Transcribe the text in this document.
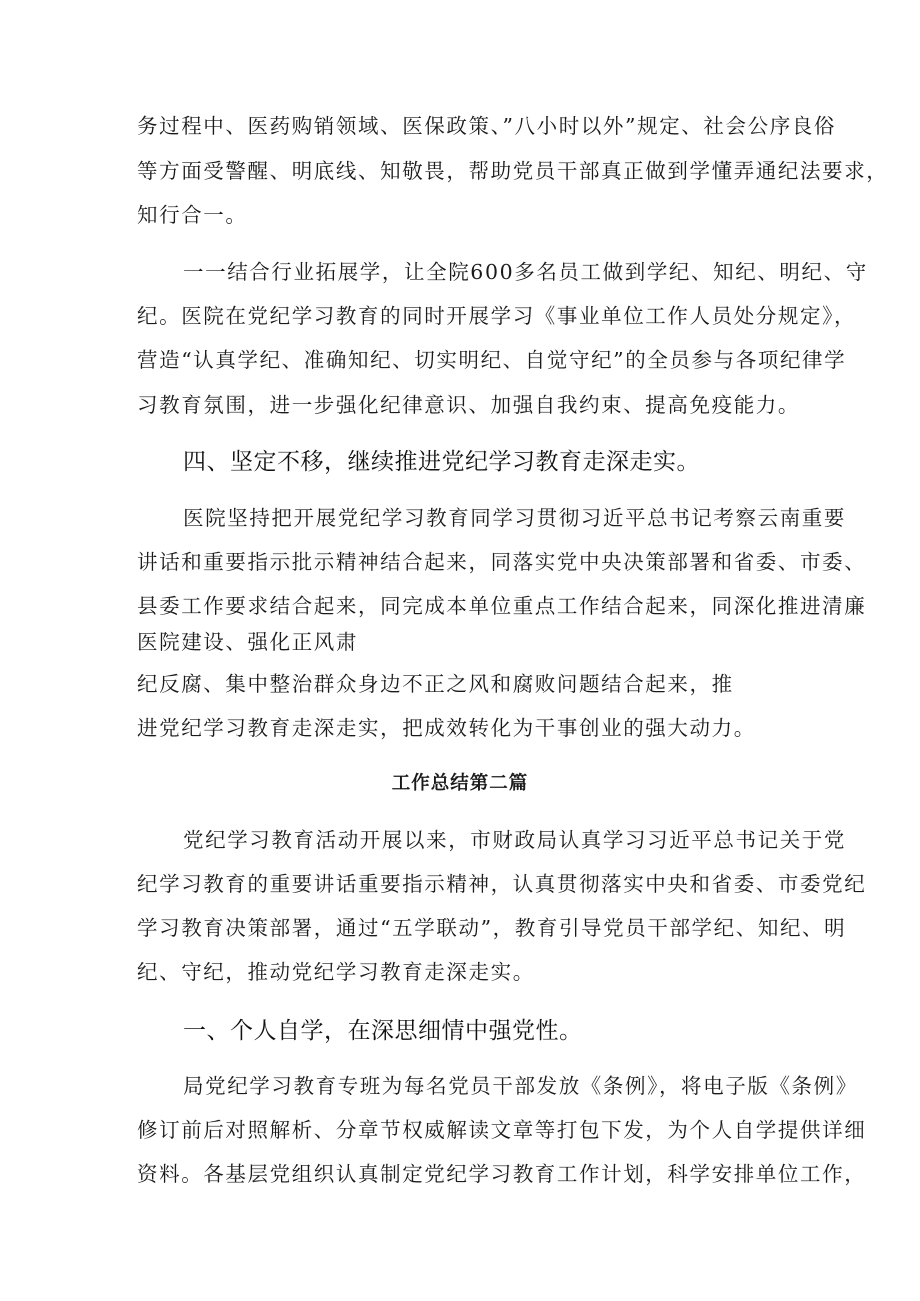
务过程中、医药购销领域、医保政策、”八小时以外”规定、社会公序良俗
等方面受警醒、明底线、知敬畏，帮助党员干部真正做到学懂弄通纪法要求，
知行合一。
一一结合行业拓展学，让全院600多名员工做到学纪、知纪、明纪、守
纪。医院在党纪学习教育的同时开展学习《事业单位工作人员处分规定》，
营造“认真学纪、准确知纪、切实明纪、自觉守纪”的全员参与各项纪律学
习教育氛围，进一步强化纪律意识、加强自我约束、提高免疫能力。
四、坚定不移，继续推进党纪学习教育走深走实。
医院坚持把开展党纪学习教育同学习贯彻习近平总书记考察云南重要
讲话和重要指示批示精神结合起来，同落实党中央决策部署和省委、市委、
县委工作要求结合起来，同完成本单位重点工作结合起来，同深化推进清廉
医院建设、强化正风肃
纪反腐、集中整治群众身边不正之风和腐败问题结合起来，推
进党纪学习教育走深走实，把成效转化为干事创业的强大动力。
工作总结第二篇
党纪学习教育活动开展以来，市财政局认真学习习近平总书记关于党
纪学习教育的重要讲话重要指示精神，认真贯彻落实中央和省委、市委党纪
学习教育决策部署，通过“五学联动”，教育引导党员干部学纪、知纪、明
纪、守纪，推动党纪学习教育走深走实。
一、个人自学，在深思细情中强党性。
局党纪学习教育专班为每名党员干部发放《条例》，将电子版《条例》
修订前后对照解析、分章节权威解读文章等打包下发，为个人自学提供详细
资料。各基层党组织认真制定党纪学习教育工作计划，科学安排单位工作，
